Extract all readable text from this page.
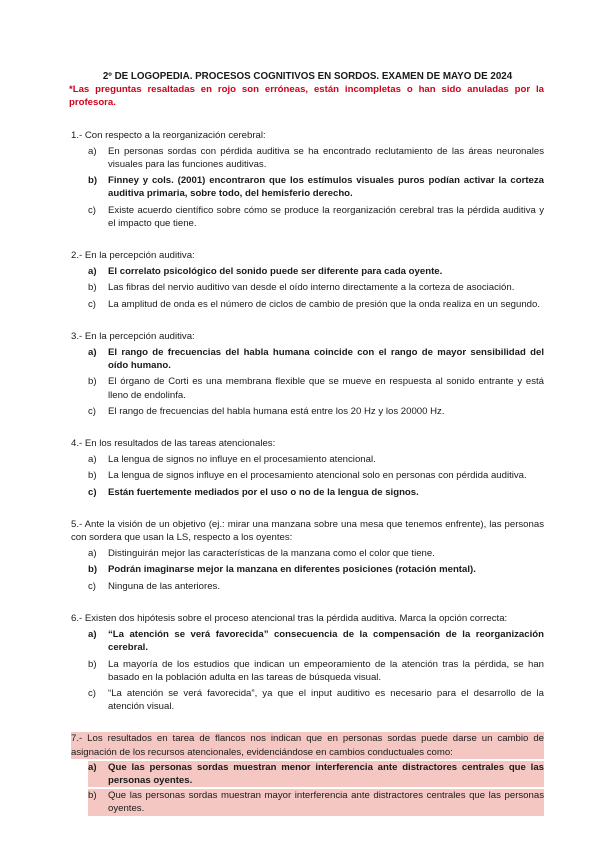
2º DE LOGOPEDIA. PROCESOS COGNITIVOS EN SORDOS. EXAMEN DE MAYO DE 2024

*Las preguntas resaltadas en rojo son erróneas, están incompletas o han sido anuladas por la profesora.

1.- Con respecto a la reorganización cerebral:

a)	En personas sordas con pérdida auditiva se ha encontrado reclutamiento de las áreas neuronales visuales para las funciones auditivas.
b)	Finney y cols. (2001) encontraron que los estímulos visuales puros podían activar la corteza auditiva primaria, sobre todo, del hemisferio derecho.
c)	Existe acuerdo científico sobre cómo se produce la reorganización cerebral tras la pérdida auditiva y el impacto que tiene.

2.- En la percepción auditiva:

a)	El correlato psicológico del sonido puede ser diferente para cada oyente.
b)	Las fibras del nervio auditivo van desde el oído interno directamente a la corteza de asociación.
c)	La amplitud de onda es el número de ciclos de cambio de presión que la onda realiza en un segundo.

3.- En la percepción auditiva:

a)	El rango de frecuencias del habla humana coincide con el rango de mayor sensibilidad del oído humano.
b)	El órgano de Corti es una membrana flexible que se mueve en respuesta al sonido entrante y está lleno de endolinfa.
c)	El rango de frecuencias del habla humana está entre los 20 Hz y los 20000 Hz.

4.- En los resultados de las tareas atencionales:

a)	La lengua de signos no influye en el procesamiento atencional.
b)	La lengua de signos influye en el procesamiento atencional solo en personas con pérdida auditiva.
c)	Están fuertemente mediados por el uso o no de la lengua de signos.

5.- Ante la visión de un objetivo (ej.: mirar una manzana sobre una mesa que tenemos enfrente), las personas con sordera que usan la LS, respecto a los oyentes:

a)	Distinguirán mejor las características de la manzana como el color que tiene.
b)	Podrán imaginarse mejor la manzana en diferentes posiciones (rotación mental).
c)	Ninguna de las anteriores.

6.- Existen dos hipótesis sobre el proceso atencional tras la pérdida auditiva. Marca la opción correcta:

a)	“La atención se verá favorecida” consecuencia de la compensación de la reorganización cerebral.
b)	La mayoría de los estudios que indican un empeoramiento de la atención tras la pérdida, se han basado en la población adulta en las tareas de búsqueda visual.
c)	“La atención se verá favorecida”, ya que el input auditivo es necesario para el desarrollo de la atención visual.

7.- Los resultados en tarea de flancos nos indican que en personas sordas puede darse un cambio de asignación de los recursos atencionales, evidenciándose en cambios conductuales como:

a)	Que las personas sordas muestran menor interferencia ante distractores centrales que las personas oyentes.
b)	Que las personas sordas muestran mayor interferencia ante distractores centrales que las personas oyentes.
